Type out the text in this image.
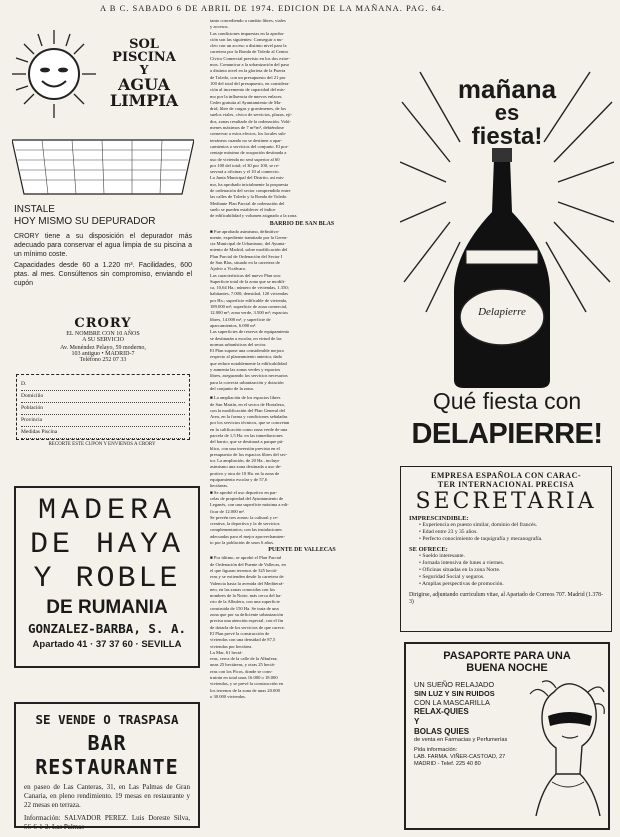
A B C. SABADO 6 DE ABRIL DE 1974. EDICION DE LA MAÑANA. PAG. 64.
SOL
PISCINA
Y
AGUA
LIMPIA
INSTALE
HOY MISMO SU DEPURADOR
CRORY tiene a su disposición el depurador más adecuado para conservar el agua limpia de su piscina a un mínimo coste.
Capacidades desde 60 a 1.220 m³. Facilidades, 600 ptas. al mes. Consúltenos sin compromiso, enviando el cupón
CRORY
EL NOMBRE CON 10 AÑOS
A SU SERVICIO
Av. Menéndez Pelayo, 59 moderno,
103 antiguo • MADRID-7
Teléfono 252 07 33
D.
Domicilio
Población
Provincia
Medidas Piscina
RECORTE ESTE CUPON Y ENVIENOS A CRORY
MADERA
DE HAYA
Y ROBLE
DE RUMANIA
GONZALEZ-BARBA, S. A.
Apartado 41 · 37 37 60 · SEVILLA
SE VENDE O TRASPASA
BAR RESTAURANTE
en paseo de Las Canteras, 31, en Las Palmas de Gran Canaria, en pleno rendimiento. 19 mesas en restaurante y 22 mesas en terraza.
Información: SALVADOR PEREZ. Luis Doreste Silva, 56-6-1-2. Las Palmas
tanto concediendo a cambio libres, viales
y accesos.
Las condiciones impuestas en la aproba-
ción son las siguientes: Conseguir a nu-
cleo con un acceso a distinto nivel para la
carretera por la Ronda de Toledo al Centro
Cívico Comercial previsto en los dos extre-
mos. Comunicar a la urbanización del paso
a distinto nivel en la glorieta de la Puerta
de Toledo, con un presupuesto del 21 por
100 del total del presupuesto, en considera-
ción al incremento de capacidad del mis-
mo por la influencia de nuevos enlaces.
Ceder gratuita al Ayuntamiento de Ma-
drid, libre de cargas y gravámenes, de los
suelos viales, cívico de servicios, plazas, eji-
dos, zonas resultado de la ordenación. Volú-
menes máximos de 7 m³/m², debiéndose
conservar a estos efectos, los locales sub-
terráneos cuando no se destinen a apar-
camientos o servicios del conjunto. El por-
centaje máximo de ocupación destinada a
uso de vivienda no será superior al 60
por 100 del total; el 30 por 100, se re-
servará a oficinas y el 10 al comercio.
La Junta Municipal del Distrito, así mis-
mo, ha aprobado inicialmente la propuesta
de ordenación del sector comprendido entre
las calles de Toledo y la Ronda de Toledo.
Mediante Plan Parcial de ordenación del
suelo se pueden establecer el índice
de edificabilidad y volumen asignado a la zona.
BARRIO DE SAN BLAS
■ Fue aprobado asimismo, definitiva-
mente, expediente tramitado por la Geren-
cia Municipal de Urbanismo, del Ayunta-
miento de Madrid, sobre modificación del
Plan Parcial de Ordenación del Sector I
de San Blas, situado en la carretera de
Ajalvir a Vicálvaro.
Las características del nuevo Plan son:
Superficie total de la zona que se modifi-
ca, 10,64 Ha.; número de viviendas, 1.350;
habitantes, 7.000; densidad, 120 viviendas
por Ha.; superficie edificable de vivienda,
189.000 m²; superficie de zona comercial,
12.000 m²; zona verde, 3.500 m²; espacios
libres, 14.000 m², y superficie de
aparcamientos, 6.000 m².
Las superficies de reserva de equipamiento
se destinarán a escolar, en virtud de las
normas urbanísticas del sector.
El Plan supone una considerable mejora
respecto al planeamiento anterior, dado
que reduce notablemente la edificabilidad
y aumenta las zonas verdes y espacios
libres, asegurando los servicios necesarios
para la correcta urbanización y dotación
del conjunto de la zona.
■ La ampliación de los espacios libres
de San Martín, en el sector de Hortaleza,
con la modificación del Plan General del
Area, en la forma y condiciones señaladas
por los servicios técnicos, que se concretan
en la calificación como zona verde de una
parcela de 1,5 Ha. en las inmediaciones
del barrio, que se destinará a parque pú-
blico, con una inversión prevista en el
presupuesto de los espacios libres del sec-
tor. La ampliación, de 20 Ha., incluye
asimismo una zona destinada a uso de-
portivo y otra de 10 Ha. en la zona de
equipamiento escolar y de 57,6
hectáreas.
■ Se aprobó el uso deportivo en par-
celas de propiedad del Ayuntamiento de
Leganés, con una superficie máxima a edi-
ficar de 12.000 m².
Se prevén tres zonas: la cultural y re-
creativa, la deportiva y la de servicios
complementarios; con las instalaciones
adecuadas para el mejor aprovechamien-
to por la población de unos 6 años.
PUENTE DE VALLECAS
■ Por último, se aprobó el Plan Parcial
de Ordenación del Puente de Vallecas, en
el que figuran terrenos de 325 hectá-
reas y se extienden desde la carretera de
Valencia hasta la avenida del Mediterrá-
neo, en las zonas conocidas con los
nombres de la Norte, más cerca del ba-
rrio de la Albufera, con una superficie
construida de 150 Ha. Se trata de una
zona que por su deficiente urbanización
precisa una atención especial, con el fin
de dotarla de los servicios de que carece.
El Plan prevé la construcción de
viviendas con una densidad de 87,5
viviendas por hectárea.
La Mar, 61 hectá-
reas, cerca de la calle de la Albufera;
unas 25 hectáreas, y otras 25 hectá-
reas con los Picos, donde se cons-
truirán en total unas 16.000 o 18.000
viviendas, y se prevé la construcción en
los terrenos de la zona de unas 20.000
o 30.000 viviendas.
mañana
es
fiesta!
Delapierre
Qué fiesta con
DELAPIERRE!
EMPRESA ESPAÑOLA CON CARAC-
TER INTERNACIONAL PRECISA
SECRETARIA
IMPRESCINDIBLE:
• Experiencia en puesto similar, dominio del francés.
• Edad entre 23 y 35 años.
• Perfecto conocimiento de taquigrafía y mecanografía.
SE OFRECE:
• Sueldo interesante.
• Jornada intensiva de lunes a viernes.
• Oficinas situadas en la zona Norte.
• Seguridad Social y seguros.
• Amplias perspectivas de promoción.
Dirigirse, adjuntando curriculum vitae, al Apartado de Correos 707. Madrid (1.378-3)
PASAPORTE PARA UNA
BUENA NOCHE
UN SUEÑO RELAJADO
SIN LUZ Y SIN RUIDOS
CON LA MASCARILLA
RELAX-QUIES
Y
BOLAS QUIES
de venta en Farmacias y Perfumerías
Pida información:
LAB. FARMA. VIÑER-CASTOAD, 27
MADRID - Telef. 225 40 80
